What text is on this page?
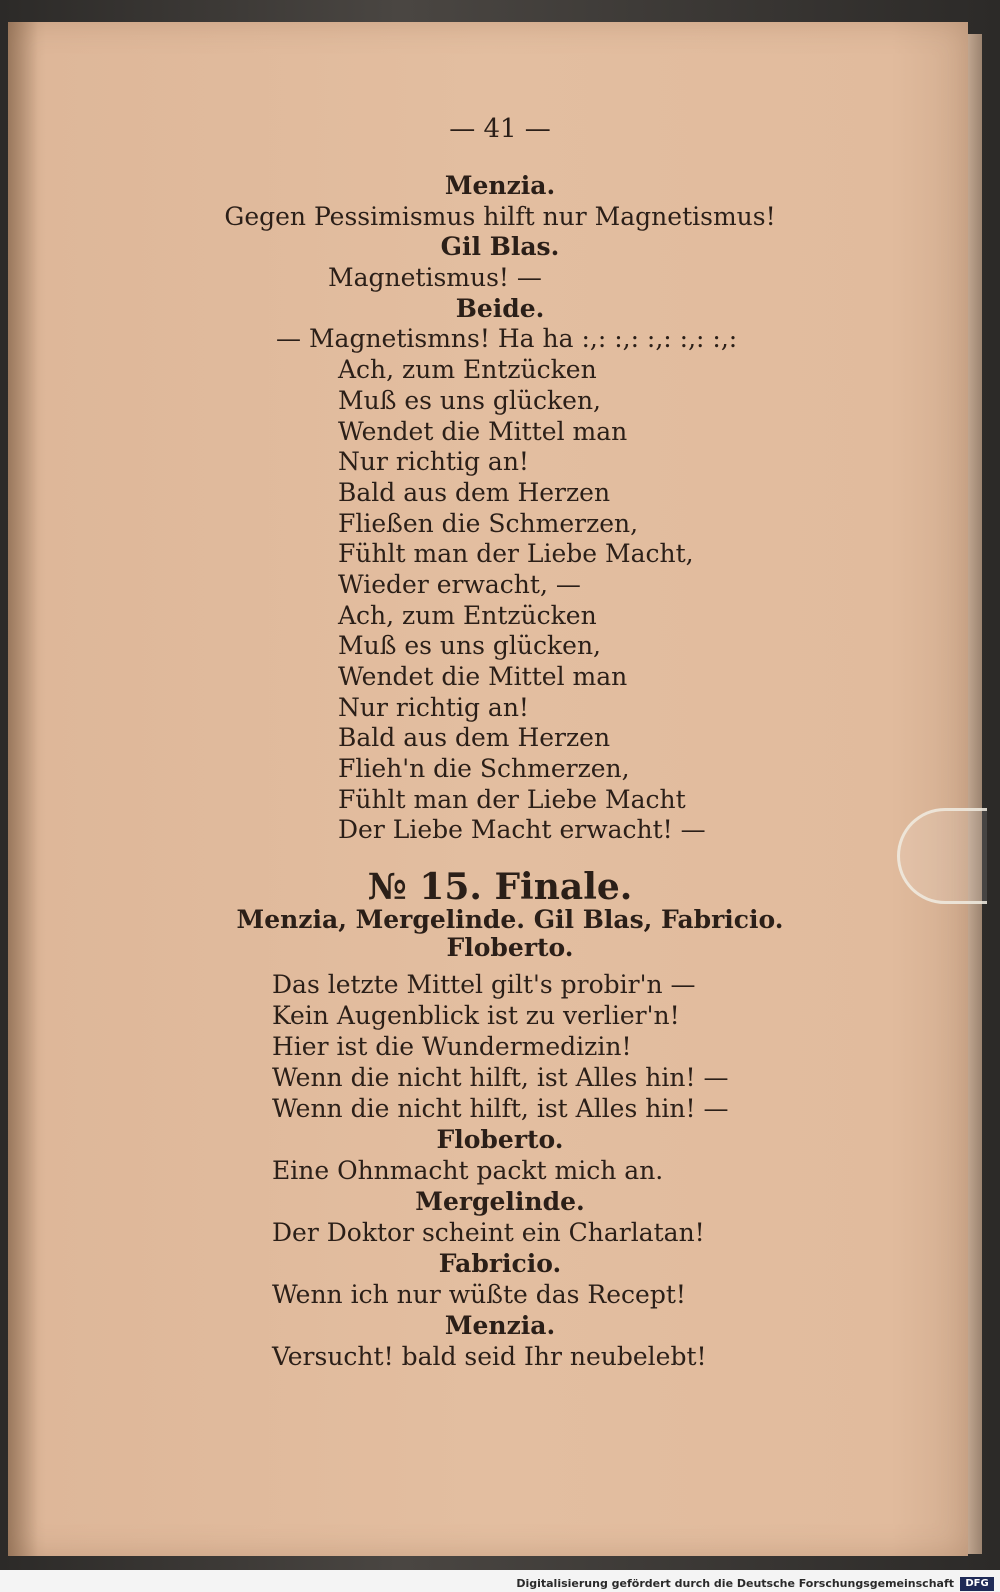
— 41 —
Menzia.
Gegen Pessimismus hilft nur Magnetismus!
Gil Blas.
Magnetismus! —
Beide.
— Magnetismns! Ha ha :,: :,: :,: :,: :,:
Ach, zum Entzücken
Muß es uns glücken,
Wendet die Mittel man
Nur richtig an!
Bald aus dem Herzen
Fließen die Schmerzen,
Fühlt man der Liebe Macht,
Wieder erwacht, —
Ach, zum Entzücken
Muß es uns glücken,
Wendet die Mittel man
Nur richtig an!
Bald aus dem Herzen
Flieh'n die Schmerzen,
Fühlt man der Liebe Macht
Der Liebe Macht erwacht! —
№ 15. Finale.
Menzia, Mergelinde. Gil Blas, Fabricio. Floberto.
Das letzte Mittel gilt's probir'n —
Kein Augenblick ist zu verlier'n!
Hier ist die Wundermedizin!
Wenn die nicht hilft, ist Alles hin! —
Wenn die nicht hilft, ist Alles hin! —
Floberto.
Eine Ohnmacht packt mich an.
Mergelinde.
Der Doktor scheint ein Charlatan!
Fabricio.
Wenn ich nur wüßte das Recept!
Menzia.
Versucht! bald seid Ihr neubelebt!
Digitalisierung gefördert durch die Deutsche Forschungsgemeinschaft	DFG
